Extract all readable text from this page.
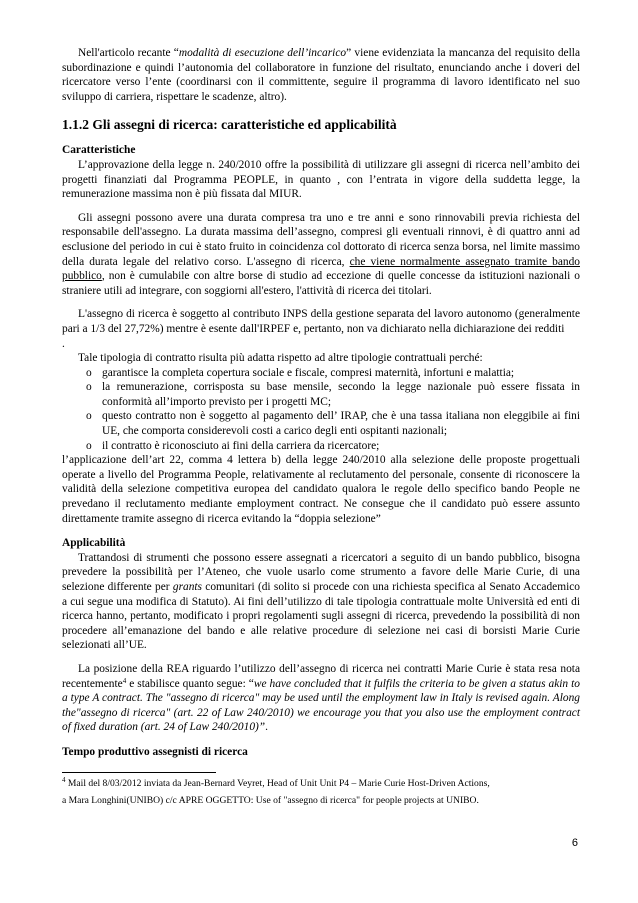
Nell'articolo recante “modalità di esecuzione dell’incarico” viene evidenziata la mancanza del requisito della subordinazione e quindi l’autonomia del collaboratore in funzione del risultato, enunciando anche i doveri del ricercatore verso l’ente (coordinarsi con il committente, seguire il programma di lavoro identificato nel suo sviluppo di carriera, rispettare le scadenze, altro).

1.1.2 Gli assegni di ricerca: caratteristiche ed applicabilità

Caratteristiche

L’approvazione della legge n. 240/2010 offre la possibilità di utilizzare gli assegni di ricerca nell’ambito dei progetti finanziati dal Programma PEOPLE, in quanto , con l’entrata in vigore della suddetta legge, la remunerazione massima non è più fissata dal MIUR.

Gli assegni possono avere una durata compresa tra uno e tre anni e sono rinnovabili previa richiesta del responsabile dell'assegno. La durata massima dell’assegno, compresi gli eventuali rinnovi, è di quattro anni ad esclusione del periodo in cui è stato fruito in coincidenza col dottorato di ricerca senza borsa, nel limite massimo della durata legale del relativo corso. L'assegno di ricerca, che viene normalmente assegnato tramite bando pubblico, non è cumulabile con altre borse di studio ad eccezione di quelle concesse da istituzioni nazionali o straniere utili ad integrare, con soggiorni all'estero, l'attività di ricerca dei titolari.

L'assegno di ricerca è soggetto al contributo INPS della gestione separata del lavoro autonomo (generalmente pari a 1/3 del 27,72%) mentre è esente dall'IRPEF e, pertanto, non va dichiarato nella dichiarazione dei redditi

.

Tale tipologia di contratto risulta più adatta rispetto ad altre tipologie contrattuali perché:

o garantisce la completa copertura sociale e fiscale, compresi maternità, infortuni e malattia;
o la remunerazione, corrisposta su base mensile, secondo la legge nazionale può essere fissata in conformità all’importo previsto per i progetti MC;
o questo contratto non è soggetto al pagamento dell’ IRAP, che è una tassa italiana non eleggibile ai fini UE, che comporta considerevoli costi a carico degli enti ospitanti nazionali;
o il contratto è riconosciuto ai fini della carriera da ricercatore;

l’applicazione dell’art 22, comma 4 lettera b) della legge 240/2010 alla selezione delle proposte progettuali operate a livello del Programma People, relativamente al reclutamento del personale, consente di riconoscere la validità della selezione competitiva europea del candidato qualora le regole dello specifico bando People ne prevedano il reclutamento mediante employment contract. Ne consegue che il candidato può essere assunto direttamente tramite assegno di ricerca evitando la “doppia selezione”

Applicabilità

Trattandosi di strumenti che possono essere assegnati a ricercatori a seguito di un bando pubblico, bisogna prevedere la possibilità per l’Ateneo, che vuole usarlo come strumento a favore delle Marie Curie, di una selezione differente per grants comunitari (di solito si procede con una richiesta specifica al Senato Accademico a cui segue una modifica di Statuto). Ai fini dell’utilizzo di tale tipologia contrattuale molte Università ed enti di ricerca hanno, pertanto, modificato i propri regolamenti sugli assegni di ricerca, prevedendo la possibilità di non procedere all’emanazione del bando e alle relative procedure di selezione nei casi di borsisti Marie Curie selezionati all’UE.

La posizione della REA riguardo l’utilizzo dell’assegno di ricerca nei contratti Marie Curie è stata resa nota recentemente$^4$ e stabilisce quanto segue: “we have concluded that it fulfils the criteria to be given a status akin to a type A contract. The "assegno di ricerca" may be used until the employment law in Italy is revised again. Along the"assegno di ricerca" (art. 22 of Law 240/2010) we encourage you that you also use the employment contract of fixed duration (art. 24 of Law 240/2010)”.

Tempo produttivo assegnisti di ricerca

$^4$ Mail del 8/03/2012 inviata da Jean-Bernard Veyret, Head of Unit Unit P4 – Marie Curie Host-Driven Actions,
a Mara Longhini(UNIBO) c/c APRE OGGETTO: Use of "assegno di ricerca" for people projects at UNIBO.
6
